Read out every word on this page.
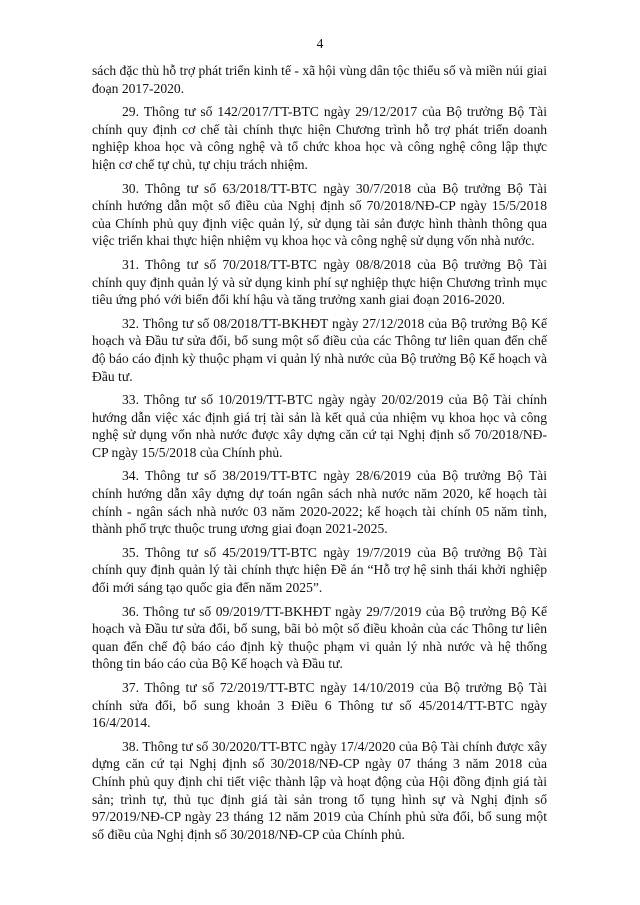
4

sách đặc thù hỗ trợ phát triển kinh tế - xã hội vùng dân tộc thiểu số và miền núi giai đoạn 2017-2020.

29. Thông tư số 142/2017/TT-BTC ngày 29/12/2017 của Bộ trưởng Bộ Tài chính quy định cơ chế tài chính thực hiện Chương trình hỗ trợ phát triển doanh nghiệp khoa học và công nghệ và tổ chức khoa học và công nghệ công lập thực hiện cơ chế tự chủ, tự chịu trách nhiệm.

30. Thông tư số 63/2018/TT-BTC ngày 30/7/2018 của Bộ trưởng Bộ Tài chính hướng dẫn một số điều của Nghị định số 70/2018/NĐ-CP ngày 15/5/2018 của Chính phủ quy định việc quản lý, sử dụng tài sản được hình thành thông qua việc triển khai thực hiện nhiệm vụ khoa học và công nghệ sử dụng vốn nhà nước.

31. Thông tư số 70/2018/TT-BTC ngày 08/8/2018 của Bộ trưởng Bộ Tài chính quy định quản lý và sử dụng kinh phí sự nghiệp thực hiện Chương trình mục tiêu ứng phó với biến đổi khí hậu và tăng trưởng xanh giai đoạn 2016-2020.

32. Thông tư số 08/2018/TT-BKHĐT ngày 27/12/2018 của Bộ trưởng Bộ Kế hoạch và Đầu tư sửa đổi, bổ sung một số điều của các Thông tư liên quan đến chế độ báo cáo định kỳ thuộc phạm vi quản lý nhà nước của Bộ trưởng Bộ Kế hoạch và Đầu tư.

33. Thông tư số 10/2019/TT-BTC ngày ngày 20/02/2019 của Bộ Tài chính hướng dẫn việc xác định giá trị tài sản là kết quả của nhiệm vụ khoa học và công nghệ sử dụng vốn nhà nước được xây dựng căn cứ tại Nghị định số 70/2018/NĐ-CP ngày 15/5/2018 của Chính phủ.

34. Thông tư số 38/2019/TT-BTC ngày 28/6/2019 của Bộ trưởng Bộ Tài chính hướng dẫn xây dựng dự toán ngân sách nhà nước năm 2020, kế hoạch tài chính - ngân sách nhà nước 03 năm 2020-2022; kế hoạch tài chính 05 năm tỉnh, thành phố trực thuộc trung ương giai đoạn 2021-2025.

35. Thông tư số 45/2019/TT-BTC ngày 19/7/2019 của Bộ trưởng Bộ Tài chính quy định quản lý tài chính thực hiện Đề án “Hỗ trợ hệ sinh thái khởi nghiệp đổi mới sáng tạo quốc gia đến năm 2025”.

36. Thông tư số 09/2019/TT-BKHĐT ngày 29/7/2019 của Bộ trưởng Bộ Kế hoạch và Đầu tư sửa đổi, bổ sung, bãi bỏ một số điều khoản của các Thông tư liên quan đến chế độ báo cáo định kỳ thuộc phạm vi quản lý nhà nước và hệ thống thông tin báo cáo của Bộ Kế hoạch và Đầu tư.

37. Thông tư số 72/2019/TT-BTC ngày 14/10/2019 của Bộ trưởng Bộ Tài chính sửa đổi, bổ sung khoản 3 Điều 6 Thông tư số 45/2014/TT-BTC ngày 16/4/2014.

38. Thông tư số 30/2020/TT-BTC ngày 17/4/2020 của Bộ Tài chính được xây dựng căn cứ tại Nghị định số 30/2018/NĐ-CP ngày 07 tháng 3 năm 2018 của Chính phủ quy định chi tiết việc thành lập và hoạt động của Hội đồng định giá tài sản; trình tự, thủ tục định giá tài sản trong tố tụng hình sự và Nghị định số 97/2019/NĐ-CP ngày 23 tháng 12 năm 2019 của Chính phủ sửa đổi, bổ sung một số điều của Nghị định số 30/2018/NĐ-CP của Chính phủ.
